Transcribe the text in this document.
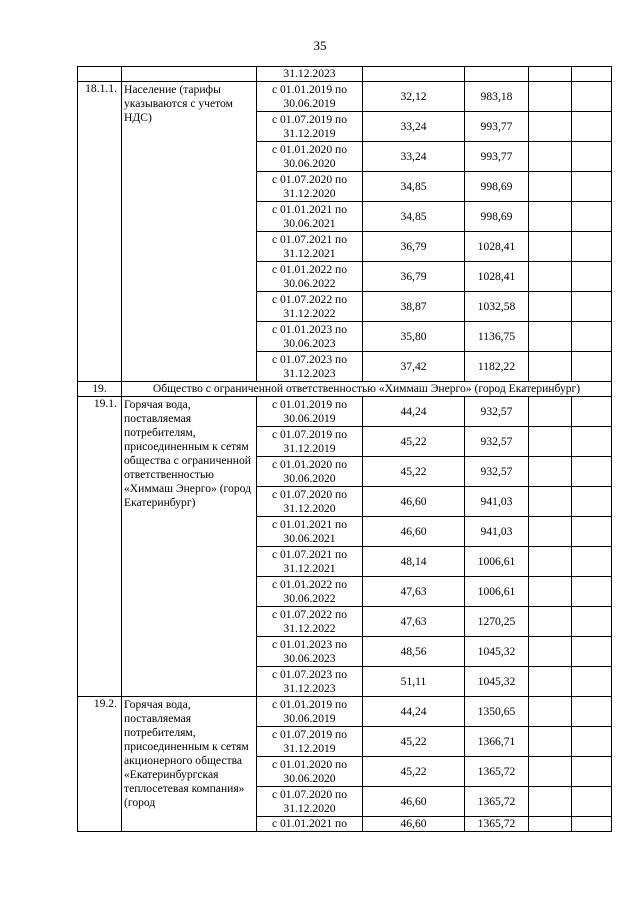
35
		31.12.2023				
18.1.1.	Население (тарифы указываются с учетом НДС)	с 01.01.2019 по
30.06.2019	32,12	983,18		

		с 01.07.2019 по
31.12.2019	33,24	993,77		

		с 01.01.2020 по
30.06.2020	33,24	993,77		

		с 01.07.2020 по
31.12.2020	34,85	998,69		

		с 01.01.2021 по
30.06.2021	34,85	998,69		

		с 01.07.2021 по
31.12.2021	36,79	1028,41		

		с 01.01.2022 по
30.06.2022	36,79	1028,41		

		с 01.07.2022 по
31.12.2022	38,87	1032,58		

		с 01.01.2023 по
30.06.2023	35,80	1136,75		

		с 01.07.2023 по
31.12.2023	37,42	1182,22		
19.	Общество с ограниченной ответственностью «Химмаш Энерго» (город Екатеринбург)					
19.1.	Горячая вода, поставляемая потребителям, присоединенным к сетям общества с ограниченной ответственностью «Химмаш Энерго» (город Екатеринбург)	с 01.01.2019 по
30.06.2019	44,24	932,57		

		с 01.07.2019 по
31.12.2019	45,22	932,57		

		с 01.01.2020 по
30.06.2020	45,22	932,57		

		с 01.07.2020 по
31.12.2020	46,60	941,03		

		с 01.01.2021 по
30.06.2021	46,60	941,03		

		с 01.07.2021 по
31.12.2021	48,14	1006,61		

		с 01.01.2022 по
30.06.2022	47,63	1006,61		

		с 01.07.2022 по
31.12.2022	47,63	1270,25		

		с 01.01.2023 по
30.06.2023	48,56	1045,32		

		с 01.07.2023 по
31.12.2023	51,11	1045,32		
19.2.	Горячая вода, поставляемая потребителям, присоединенным к сетям акционерного общества «Екатеринбургская теплосетевая компания» (город	с 01.01.2019 по
30.06.2019	44,24	1350,65		

		с 01.07.2019 по
31.12.2019	45,22	1366,71		

		с 01.01.2020 по
30.06.2020	45,22	1365,72		

		с 01.07.2020 по
31.12.2020	46,60	1365,72		

		с 01.01.2021 по	46,60	1365,72		
